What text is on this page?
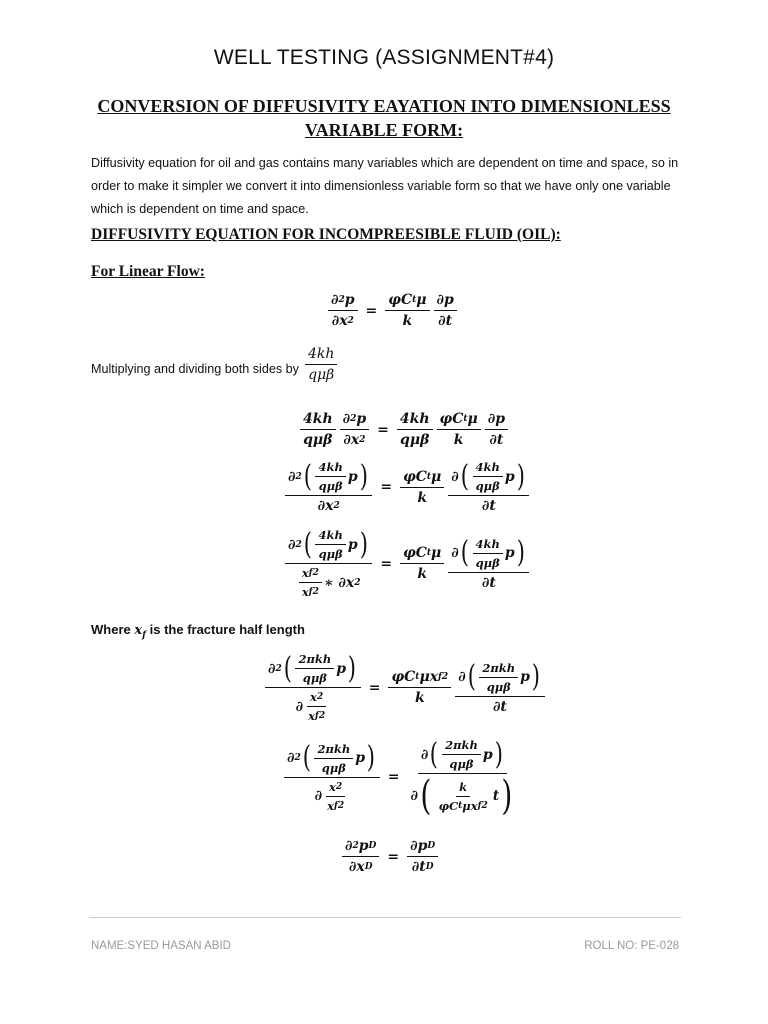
WELL TESTING (ASSIGNMENT#4)
CONVERSION OF DIFFUSIVITY EAYATION INTO DIMENSIONLESS VARIABLE FORM:
Diffusivity equation for oil and gas contains many variables which are dependent on time and space, so in order to make it simpler we convert it into dimensionless variable form so that we have only one variable which is dependent on time and space.
DIFFUSIVITY EQUATION FOR INCOMPREESIBLE FLUID (OIL):
For Linear Flow:
$\frac{\partial 2 p}{\partial x 2} = \frac{\text{φC t μ}}{k} \frac{\partial p}{\partial t}$
Multiplying and dividing both sides by $\frac{4kh}{\text{qμβ}}$
$\frac{4kh}{\text{qμβ}} \frac{\partial 2 p}{\partial x 2} = \frac{4kh}{\text{qμβ}} \frac{\text{φC t μ}}{k} \frac{\partial p}{\partial t}$
$\frac{\partial 2 ( \frac{4kh}{\text{qμβ}} p )}{\partial x 2} = \frac{\text{φC t μ}}{k} \frac{\partial ( \frac{4kh}{\text{qμβ}} p )}{\partial t}$
$\frac{\partial 2 ( \frac{4kh}{\text{qμβ}} p )}{\frac{\text{x f 2}}{\text{x f 2}} ∗ \partial x 2} = \frac{\text{φC t μ}}{k} \frac{\partial ( \frac{4kh}{\text{qμβ}} p )}{\partial t}$
Where $x_f$ is the fracture half length
$\frac{\partial 2 ( \frac{\text{2πkh}}{\text{qμβ}} p )}{\partial \frac{x 2}{\text{x f 2}}} = \frac{\text{φC t μx f 2}}{k} \frac{\partial ( \frac{\text{2πkh}}{\text{qμβ}} p )}{\partial t}$
$\frac{\partial 2 ( \frac{\text{2πkh}}{\text{qμβ}} p )}{\partial \frac{x 2}{\text{x f 2}}} = \frac{\partial ( \frac{\text{2πkh}}{\text{qμβ}} p )}{\partial ( \frac{k}{\text{φC t μx f 2}} t )}$
$\frac{\text{∂ 2 p D}}{\text{∂x D}} = \frac{\text{∂p D}}{\text{∂t D}}$
NAME:SYED HASAN ABID	ROLL NO: PE-028
